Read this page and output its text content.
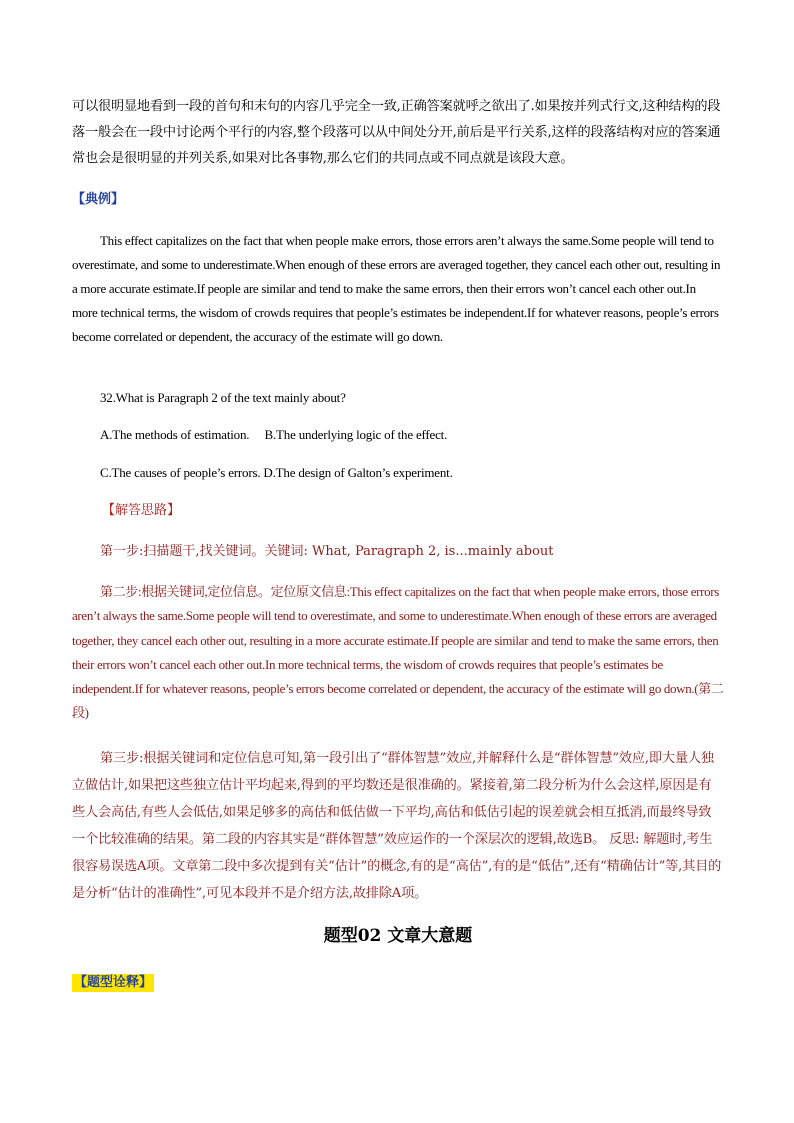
可以很明显地看到一段的首句和末句的内容几乎完全一致,正确答案就呼之欲出了.如果按并列式行文,这种结构的段落一般会在一段中讨论两个平行的内容,整个段落可以从中间处分开,前后是平行关系,这样的段落结构对应的答案通常也会是很明显的并列关系,如果对比各事物,那么它们的共同点或不同点就是该段大意。

【典例】

This effect capitalizes on the fact that when people make errors, those errors aren’t always the same.Some people will tend to overestimate, and some to underestimate.When enough of these errors are averaged together, they cancel each other out, resulting in a more accurate estimate.If people are similar and tend to make the same errors, then their errors won’t cancel each other out.In more technical terms, the wisdom of crowds requires that people’s estimates be independent.If for whatever reasons, people’s errors become correlated or dependent, the accuracy of the estimate will go down.

32.What is Paragraph 2 of the text mainly about?

A.The methods of estimation.     B.The underlying logic of the effect.

C.The causes of people’s errors. D.The design of Galton’s experiment.

【解答思路】

第一步:扫描题干,找关键词。关键词: What, Paragraph 2, is...mainly about

第二步:根据关键词,定位信息。定位原文信息:This effect capitalizes on the fact that when people make errors, those errors aren’t always the same.Some people will tend to overestimate, and some to underestimate.When enough of these errors are averaged together, they cancel each other out, resulting in a more accurate estimate.If people are similar and tend to make the same errors, then their errors won’t cancel each other out.In more technical terms, the wisdom of crowds requires that people’s estimates be independent.If for whatever reasons, people’s errors become correlated or dependent, the accuracy of the estimate will go down.(第二段)

第三步:根据关键词和定位信息可知,第一段引出了“群体智慧”效应,并解释什么是“群体智慧”效应,即大量人独立做估计,如果把这些独立估计平均起来,得到的平均数还是很准确的。紧接着,第二段分析为什么会这样,原因是有些人会高估,有些人会低估,如果足够多的高估和低估做一下平均,高估和低估引起的误差就会相互抵消,而最终导致一个比较准确的结果。第二段的内容其实是“群体智慧”效应运作的一个深层次的逻辑,故选B。 反思: 解题时,考生很容易误选A项。文章第二段中多次提到有关“估计”的概念,有的是“高估”,有的是“低估”,还有“精确估计”等,其目的是分析“估计的准确性”,可见本段并不是介绍方法,故排除A项。

题型02 文章大意题
【题型诠释】
